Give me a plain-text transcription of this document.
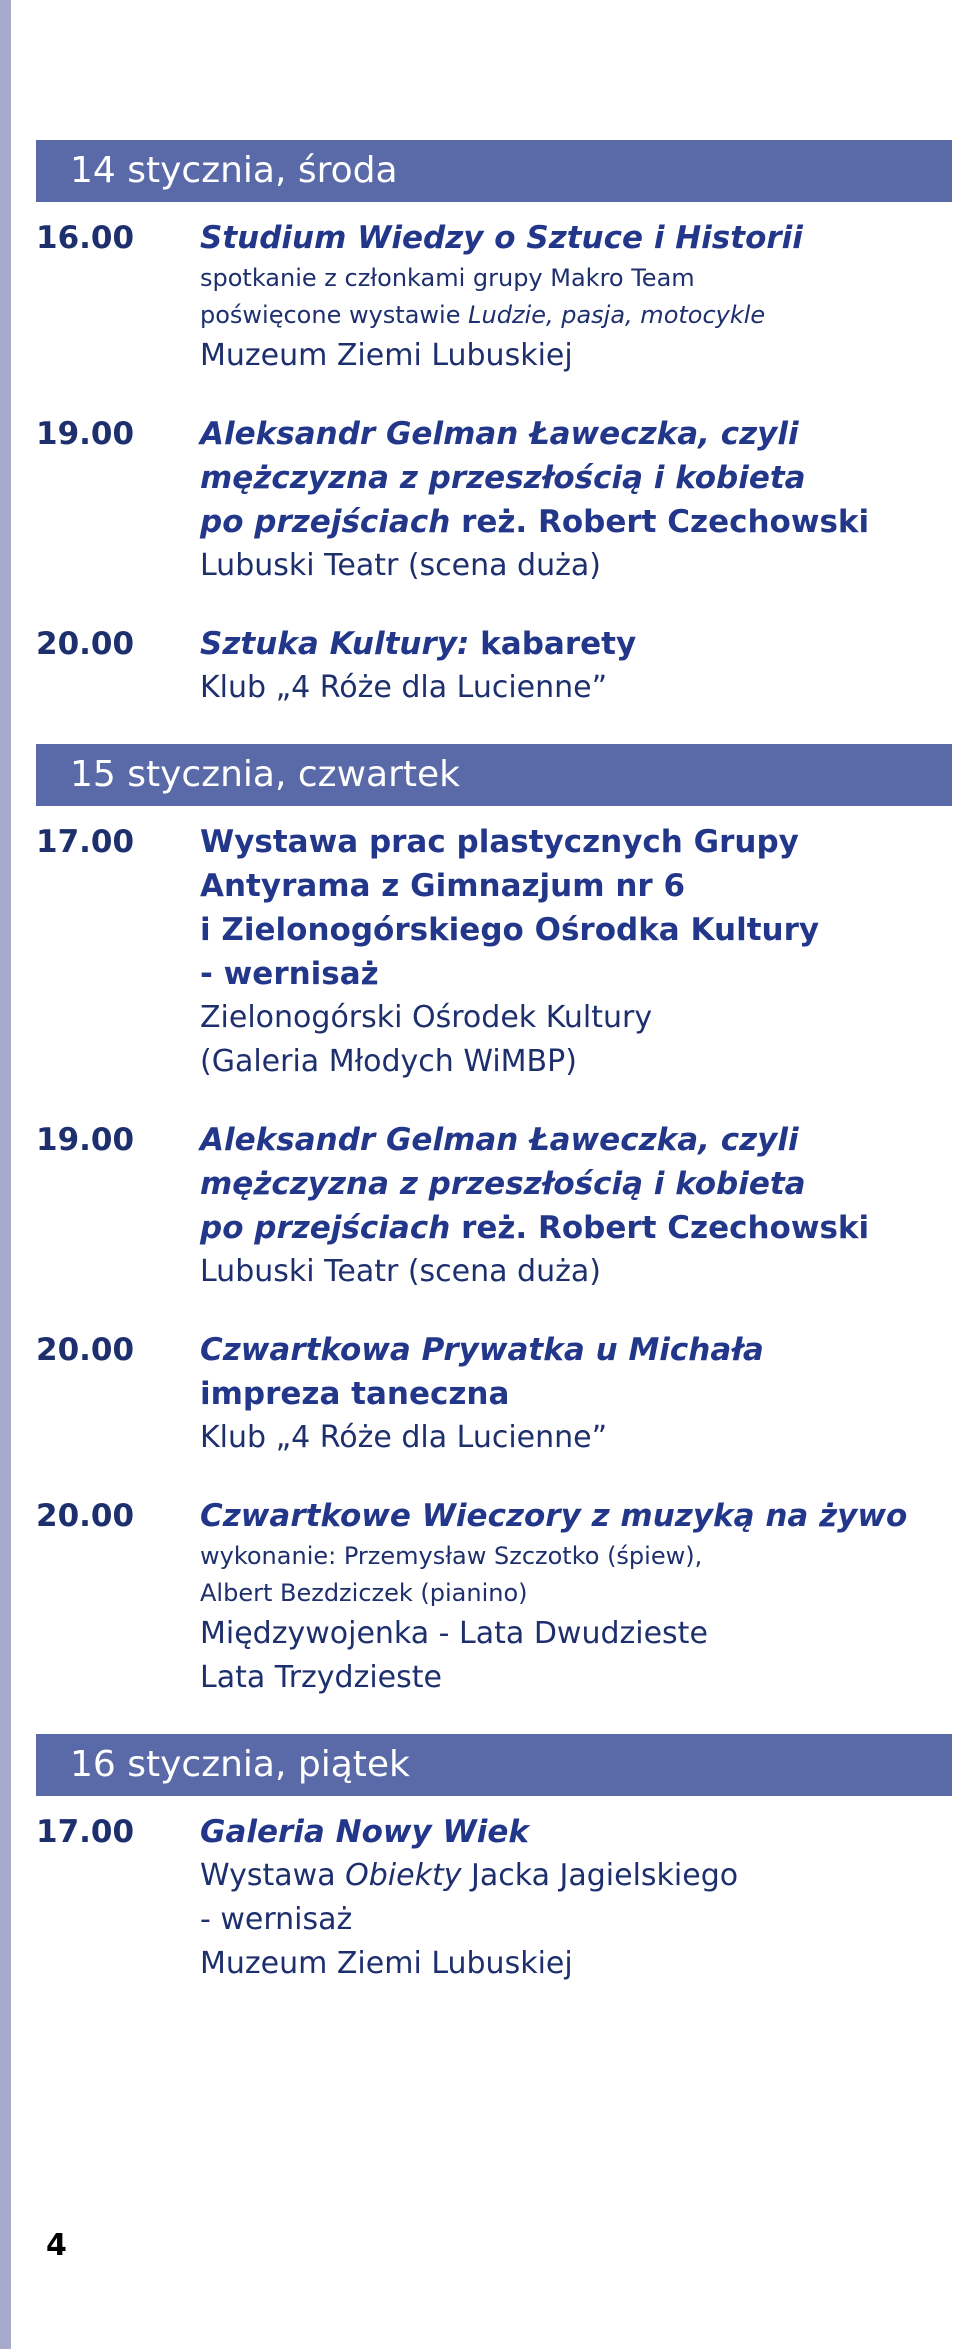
14 stycznia, środa
16.00	Studium Wiedzy o Sztuce i Historii
spotkanie z członkami grupy Makro Team
poświęcone wystawie Ludzie, pasja, motocykle
Muzeum Ziemi Lubuskiej
19.00	Aleksandr Gelman Ławeczka, czyli
mężczyzna z przeszłością i kobieta
po przejściach reż. Robert Czechowski
Lubuski Teatr (scena duża)
20.00	Sztuka Kultury: kabarety
Klub „4 Róże dla Lucienne”
15 stycznia, czwartek
17.00	Wystawa prac plastycznych Grupy
Antyrama z Gimnazjum nr 6
i Zielonogórskiego Ośrodka Kultury
- wernisaż
Zielonogórski Ośrodek Kultury
(Galeria Młodych WiMBP)
19.00	Aleksandr Gelman Ławeczka, czyli
mężczyzna z przeszłością i kobieta
po przejściach reż. Robert Czechowski
Lubuski Teatr (scena duża)
20.00	Czwartkowa Prywatka u Michała
impreza taneczna
Klub „4 Róże dla Lucienne”
20.00	Czwartkowe Wieczory z muzyką na żywo
wykonanie: Przemysław Szczotko (śpiew),
Albert Bezdziczek (pianino)
Międzywojenka - Lata Dwudzieste
Lata Trzydzieste
16 stycznia, piątek
17.00	Galeria Nowy Wiek
Wystawa Obiekty Jacka Jagielskiego
- wernisaż
Muzeum Ziemi Lubuskiej
4
